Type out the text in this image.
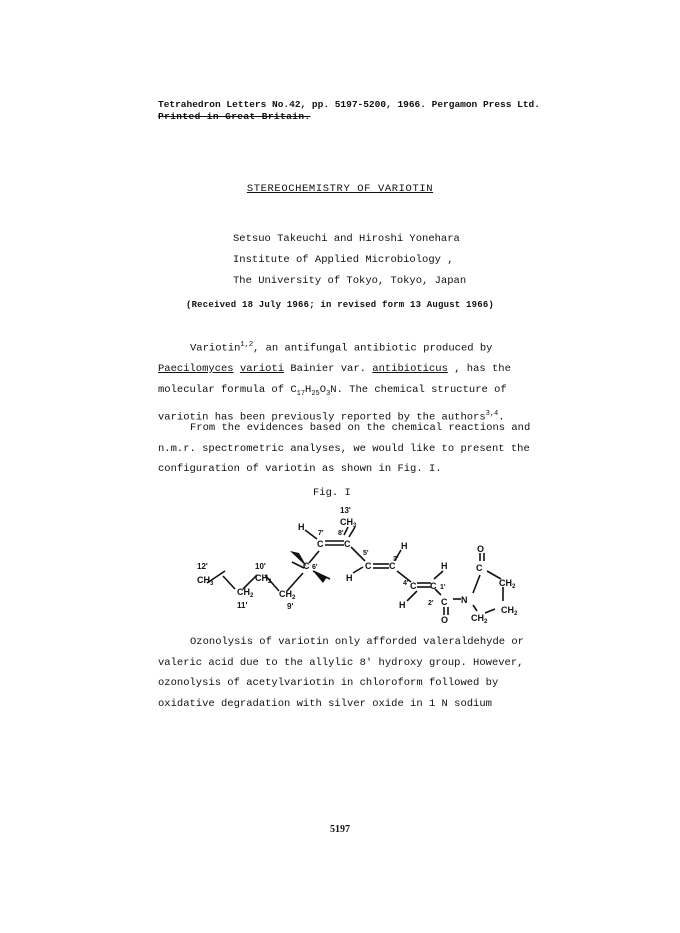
Tetrahedron Letters No.42, pp. 5197-5200, 1966. Pergamon Press Ltd.
Printed in Great Britain.
STEREOCHEMISTRY OF VARIOTIN
Setsuo Takeuchi and Hiroshi Yonehara
Institute of Applied Microbiology ,
The University of Tokyo, Tokyo, Japan
(Received 18 July 1966; in revised form 13 August 1966)
Variotin$^{1,2}$, an antifungal antibiotic produced by
Paecilomyces varioti Bainier var. antibioticus , has the
molecular formula of $C_{17}H_{25}O_3N$. The chemical structure of
variotin has been previously reported by the authors$^{3,4}$.
From the evidences based on the chemical reactions and
n.m.r. spectrometric analyses, we would like to present the
configuration of variotin as shown in Fig. I.
Fig. I
13'
$CH_3$
H
7' 8'
C C
5'
H
12'	10'
$CH_3$
$CH_2$
C 6'	C
3'
C
H
H
4' C C 1'
2' C N
O
$CH_2$
11'
$CH_2$
9'	H
C
O
$CH_2$
$CH_2$
$CH_2$
Ozonolysis of variotin only afforded valeraldehyde or
valeric acid due to the allylic 8' hydroxy group. However,
ozonolysis of acetylvariotin in chloroform followed by
oxidative degradation with silver oxide in 1 N sodium
5197
